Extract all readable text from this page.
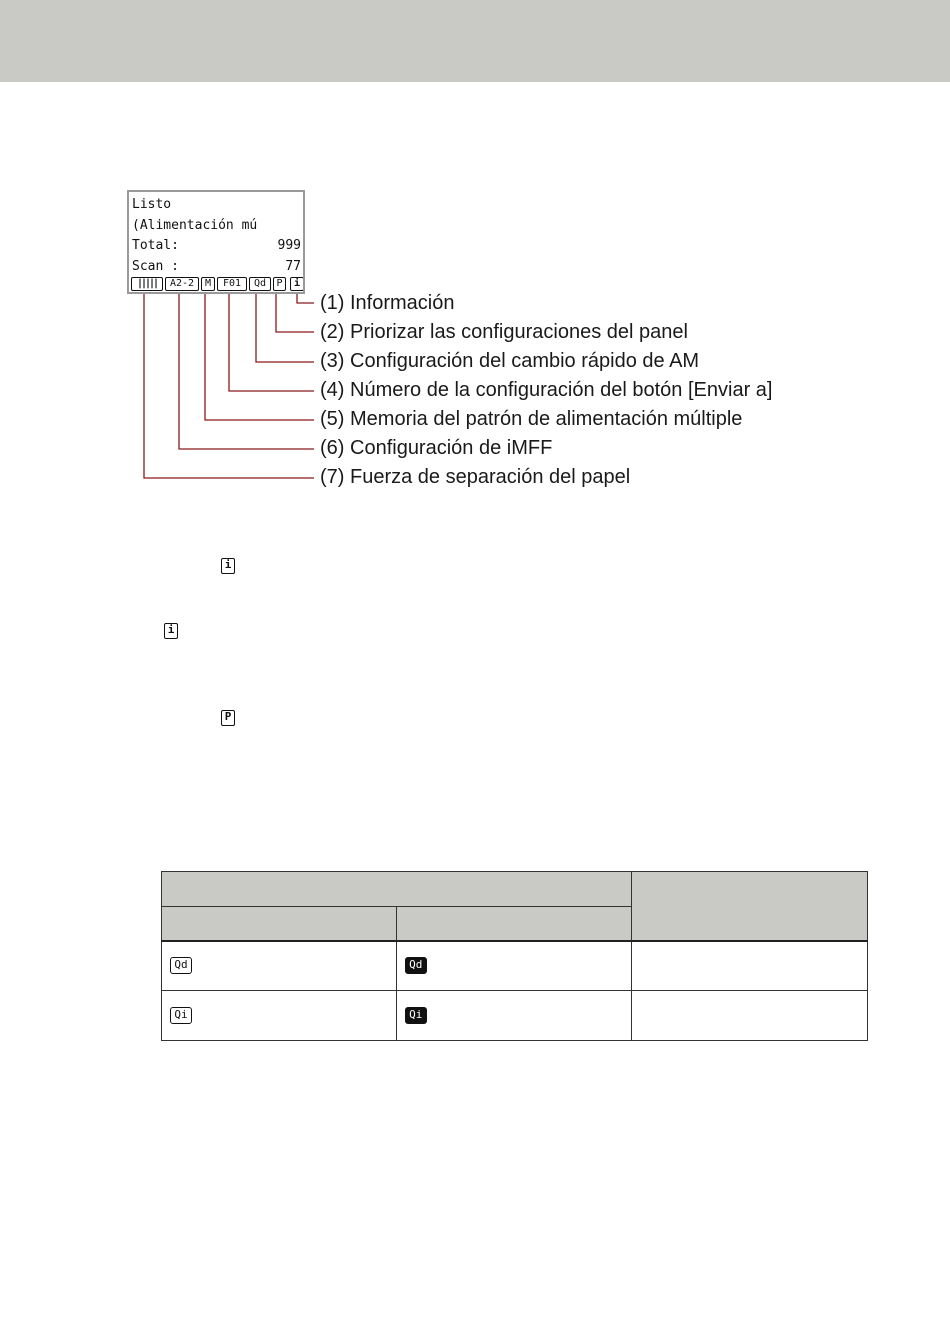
Listo
(Alimentación mú
Total:	999
Scan :	77
|||||	A2-2	M	F01	Qd	P	i
(1) Información
(2) Priorizar las configuraciones del panel
(3) Configuración del cambio rápido de AM
(4) Número de la configuración del botón [Enviar a]
(5) Memoria del patrón de alimentación múltiple
(6) Configuración de iMFF
(7) Fuerza de separación del papel
i
i
P

Qd	Qd	
Qi	Qi	
